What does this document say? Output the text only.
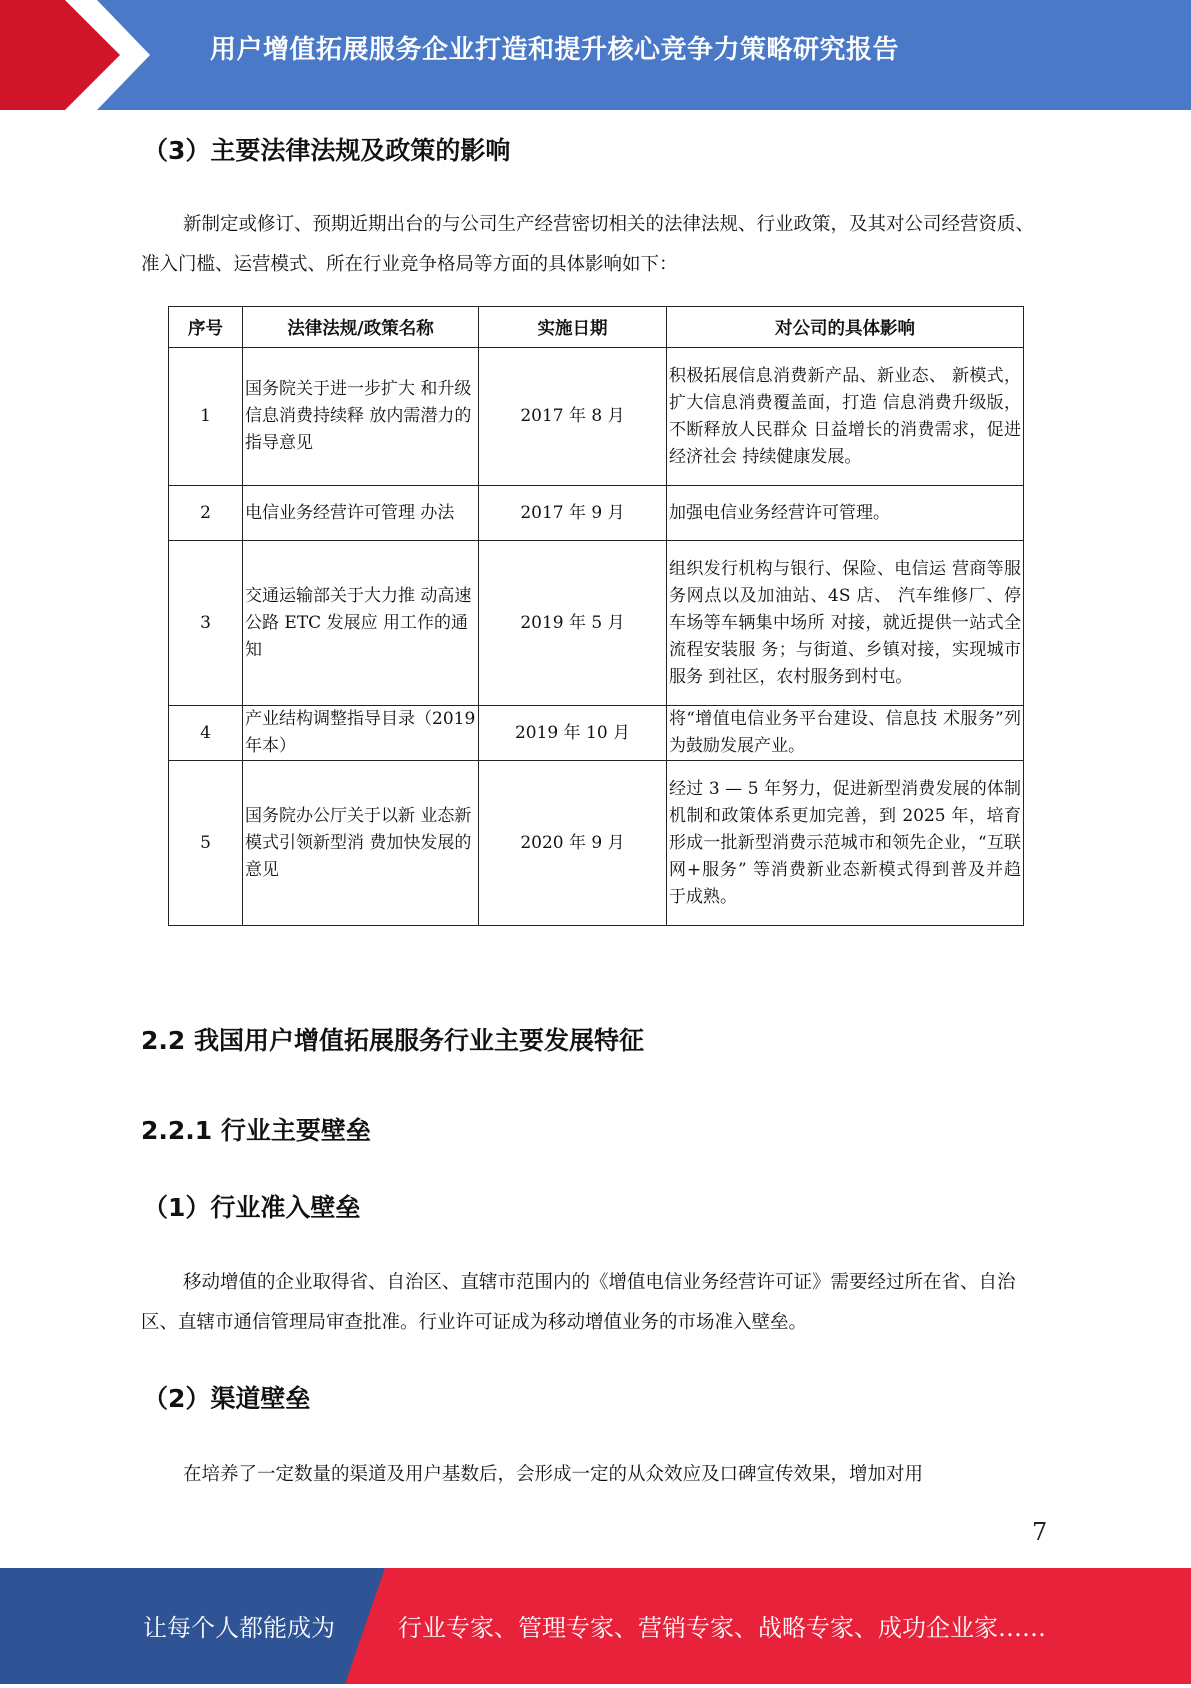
用户增值拓展服务企业打造和提升核心竞争力策略研究报告
（3）主要法律法规及政策的影响
新制定或修订、预期近期出台的与公司生产经营密切相关的法律法规、行业政策，及其对公司经营资质、准入门槛、运营模式、所在行业竞争格局等方面的具体影响如下：
序号	法律法规/政策名称	实施日期	对公司的具体影响
1	国务院关于进一步扩大 和升级信息消费持续释 放内需潜力的指导意见	2017 年 8 月	积极拓展信息消费新产品、新业态、 新模式，扩大信息消费覆盖面，打造 信息消费升级版，不断释放人民群众 日益增长的消费需求，促进经济社会 持续健康发展。
2	电信业务经营许可管理 办法	2017 年 9 月	加强电信业务经营许可管理。
3	交通运输部关于大力推 动高速公路 ETC 发展应 用工作的通知	2019 年 5 月	组织发行机构与银行、保险、电信运 营商等服务网点以及加油站、4S 店、 汽车维修厂、停车场等车辆集中场所 对接，就近提供一站式全流程安装服 务；与街道、乡镇对接，实现城市服务 到社区，农村服务到村屯。
4	产业结构调整指导目录（2019 年本）	2019 年 10 月	将“增值电信业务平台建设、信息技 术服务”列为鼓励发展产业。
5	国务院办公厅关于以新 业态新模式引领新型消 费加快发展的意见	2020 年 9 月	经过 3 — 5 年努力，促进新型消费发展的体制机制和政策体系更加完善，到 2025 年，培育形成一批新型消费示范城市和领先企业，“互联网+服务” 等消费新业态新模式得到普及并趋 于成熟。
2.2 我国用户增值拓展服务行业主要发展特征
2.2.1 行业主要壁垒
（1）行业准入壁垒
移动增值的企业取得省、自治区、直辖市范围内的《增值电信业务经营许可证》需要经过所在省、自治区、直辖市通信管理局审查批准。行业许可证成为移动增值业务的市场准入壁垒。
（2）渠道壁垒
在培养了一定数量的渠道及用户基数后，会形成一定的从众效应及口碑宣传效果，增加对用
7
让每个人都能成为	行业专家、管理专家、营销专家、战略专家、成功企业家……
